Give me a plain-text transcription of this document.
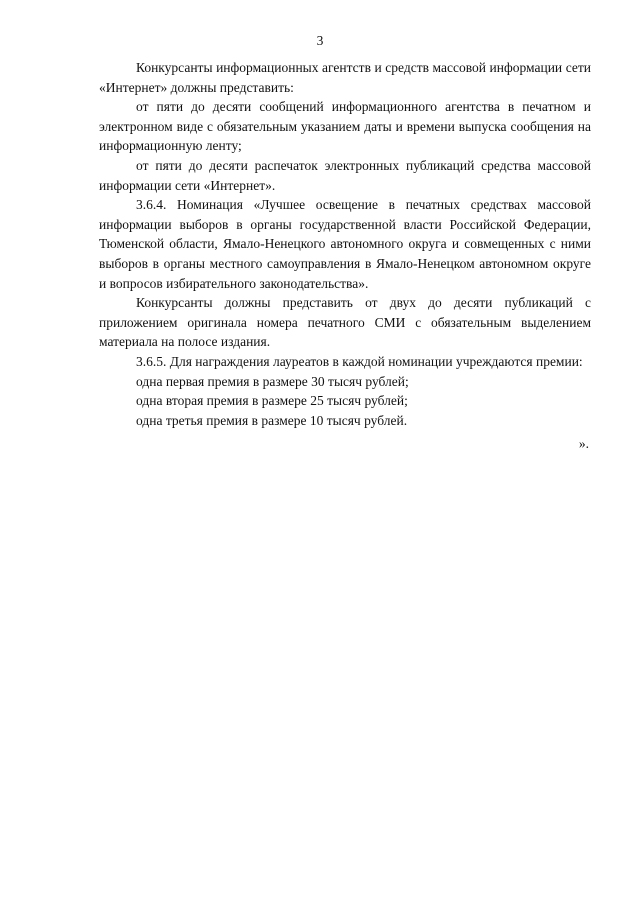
3

Конкурсанты информационных агентств и средств массовой информации сети «Интернет» должны представить:

от пяти до десяти сообщений информационного агентства в печатном и электронном виде с обязательным указанием даты и времени выпуска сообщения на информационную ленту;

от пяти до десяти распечаток электронных публикаций средства массовой информации сети «Интернет».

3.6.4. Номинация «Лучшее освещение в печатных средствах массовой информации выборов в органы государственной власти Российской Федерации, Тюменской области, Ямало-Ненецкого автономного округа и совмещенных с ними выборов в органы местного самоуправления в Ямало-Ненецком автономном округе и вопросов избирательного законодательства».

Конкурсанты должны представить от двух до десяти публикаций с приложением оригинала номера печатного СМИ с обязательным выделением материала на полосе издания.

3.6.5. Для награждения лауреатов в каждой номинации учреждаются премии:

одна первая премия в размере 30 тысяч рублей;

одна вторая премия в размере 25 тысяч рублей;

одна третья премия в размере 10 тысяч рублей.

».
